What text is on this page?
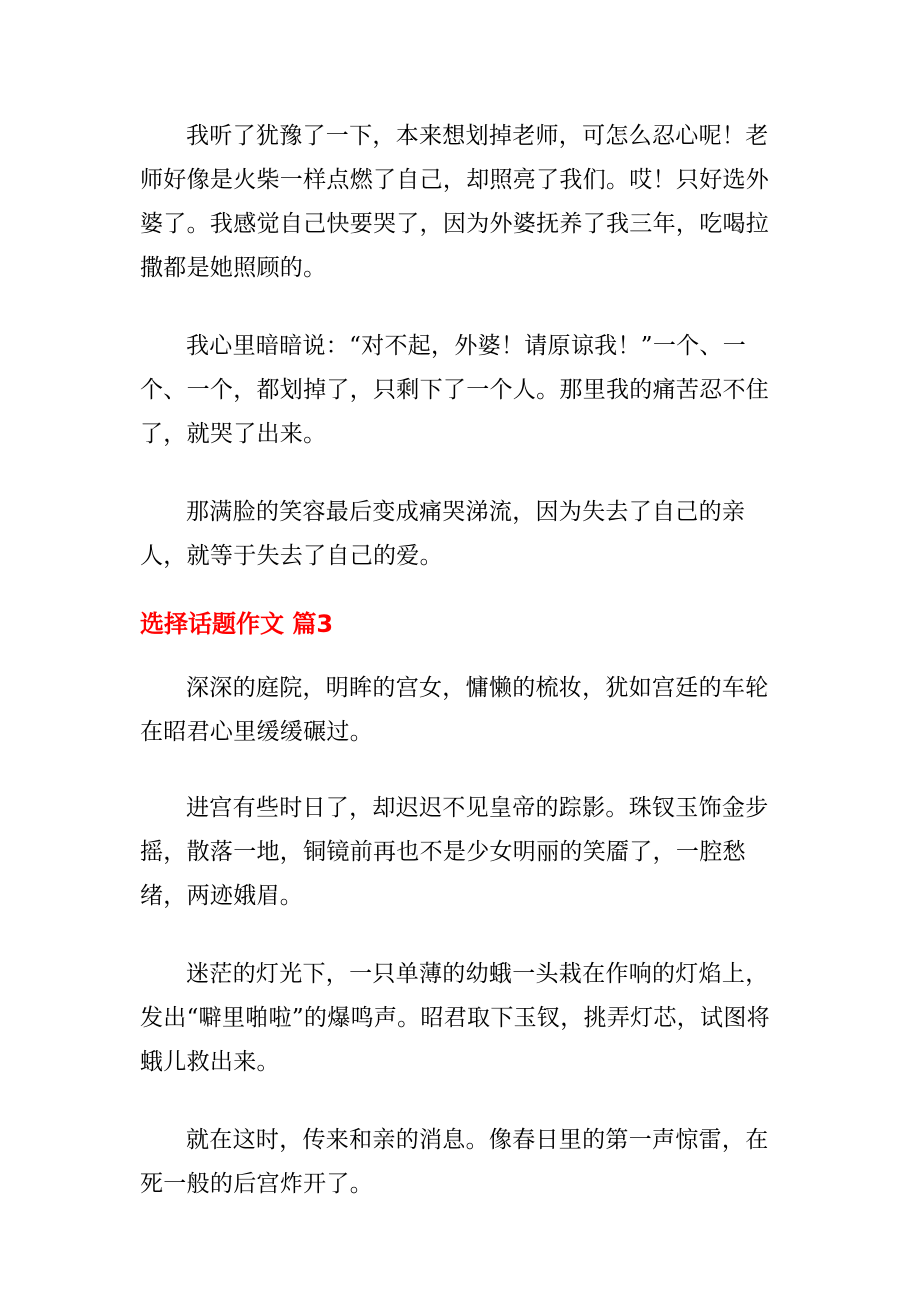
我听了犹豫了一下，本来想划掉老师，可怎么忍心呢！老师好像是火柴一样点燃了自己，却照亮了我们。哎！只好选外婆了。我感觉自己快要哭了，因为外婆抚养了我三年，吃喝拉撒都是她照顾的。

我心里暗暗说：“对不起，外婆！请原谅我！”一个、一个、一个，都划掉了，只剩下了一个人。那里我的痛苦忍不住了，就哭了出来。

那满脸的笑容最后变成痛哭涕流，因为失去了自己的亲人，就等于失去了自己的爱。

选择话题作文 篇3

深深的庭院，明眸的宫女，慵懒的梳妆，犹如宫廷的车轮在昭君心里缓缓碾过。

进宫有些时日了，却迟迟不见皇帝的踪影。珠钗玉饰金步摇，散落一地，铜镜前再也不是少女明丽的笑靥了，一腔愁绪，两迹娥眉。

迷茫的灯光下，一只单薄的幼蛾一头栽在作响的灯焰上，发出“噼里啪啦”的爆鸣声。昭君取下玉钗，挑弄灯芯，试图将蛾儿救出来。

就在这时，传来和亲的消息。像春日里的第一声惊雷，在死一般的后宫炸开了。
